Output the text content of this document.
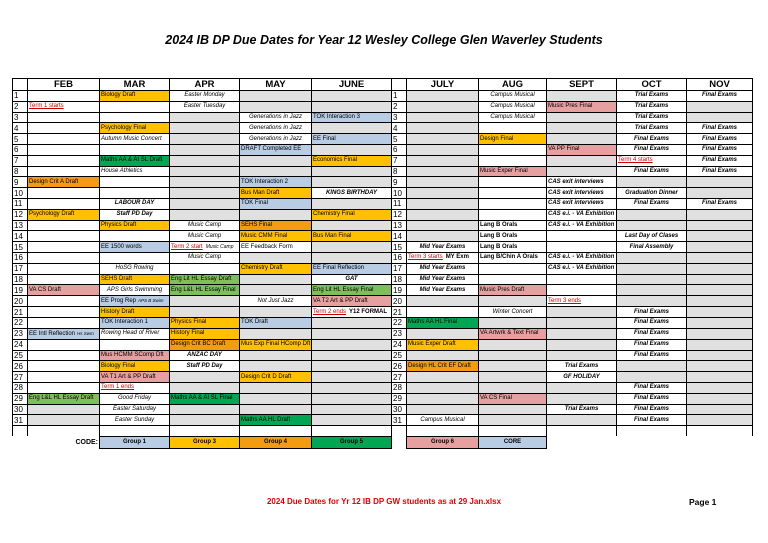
2024 IB DP Due Dates for Year 12 Wesley College Glen Waverley Students
	FEB	MAR	APR	MAY	JUNE		JULY	AUG	SEPT	OCT	NOV
1		Biology Draft	Easter Monday			1		Campus Musical		Trial Exams	Final Exams
2	Term 1 starts		Easter Tuesday			2		Campus Musical	Music Pres Final	Trial Exams	
3				Generations in Jazz	TOK Interaction 3	3		Campus Musical		Trial Exams	
4		Psychology Final		Generations in Jazz		4				Trial Exams	Final Exams
5		Autumn Music Concert		Generations in Jazz	EE Final	5		Design Final		Final Exams	Final Exams
6				DRAFT Completed EE		6			VA PP Final	Final Exams	Final Exams
7		Maths AA & AI SL Draft			Economics Final	7				Term 4 starts	Final Exams
8		House Athletics				8		Music Exper Final		Final Exams	Final Exams
9	Design Crit A Draft			TOK Interaction 2		9			CAS exit interviews		
10				Bus Man Draft	KINGS BIRTHDAY	10			CAS exit interviews	Graduation Dinner	
11		LABOUR DAY		TOK Final		11			CAS exit interviews	Final Exams	Final Exams
12	Psychology Draft	Staff PD Day			Chemistry Final	12			CAS e.i. - VA Exhibition		
13		Physics Draft	Music Camp	SEHS Final		13		Lang B Orals	CAS e.i. - VA Exhibition		
14			Music Camp	Music CMM Final	Bus Man Final	14		Lang B Orals		Last Day of Clases	
15		EE 1500 words	Term 2 start Music Camp	EE Feedback Form		15	Mid Year Exams	Lang B Orals		Final Assembly	
16			Music Camp			16	Term 3 starts MY Exm	Lang B/Chin A Orals	CAS e.i. - VA Exhibition		
17		HoSG Rowing		Chemistry Draft	EE Final Reflection	17	Mid Year Exams		CAS e.i. - VA Exhibition		
18		SEHS Draft	Eng Lit HL Essay Draft		GAT	18	Mid Year Exams				
19	VA CS Draft	APS Girls Swimming	Eng L&L HL Essay Final		Eng Lit HL Essay Final	19	Mid Year Exams	Music Pres Draft			
20		EE Prog Rep APS B Swim		Not Just Jazz	VA T2 Art & PP Draft	20			Term 3 ends		
21		History Draft			Term 2 ends Y12 FORMAL	21		Winter Concert		Final Exams	
22		TOK Interaction 1	Physics Final	TOK Draft		22	Maths AA HL Final			Final Exams	
23	EE Intl Reflection Hs Swm	Rowing Head of River	History Final			23		VA Artwrk & Text Final		Final Exams	
24			Design Crit BC Draft	Mus Exp Final HComp Dft		24	Music Exper Draft			Final Exams	
25		Mus HCMM SComp Dft	ANZAC DAY			25				Final Exams	
26		Biology Final	Staff PD Day			26	Design HL Crit EF Draft		Trial Exams		
27		VA T1 Art & PP Draft		Design Crit D Draft		27			GF HOLIDAY		
28		Term 1 ends				28				Final Exams	
29	Eng L&L HL Essay Draft	Good Friday	Maths AA & AI SL Final			29		VA CS Final		Final Exams	
30		Easter Saturday				30			Trial Exams	Final Exams	
31		Easter Sunday		Maths AA HL Draft		31	Campus Musical			Final Exams	

	CODE:	Group 1	Group 3	Group 4	Group 5		Group 6	CORE			
2024 Due Dates for Yr 12 IB DP GW students as at 29 Jan.xlsx	Page 1
